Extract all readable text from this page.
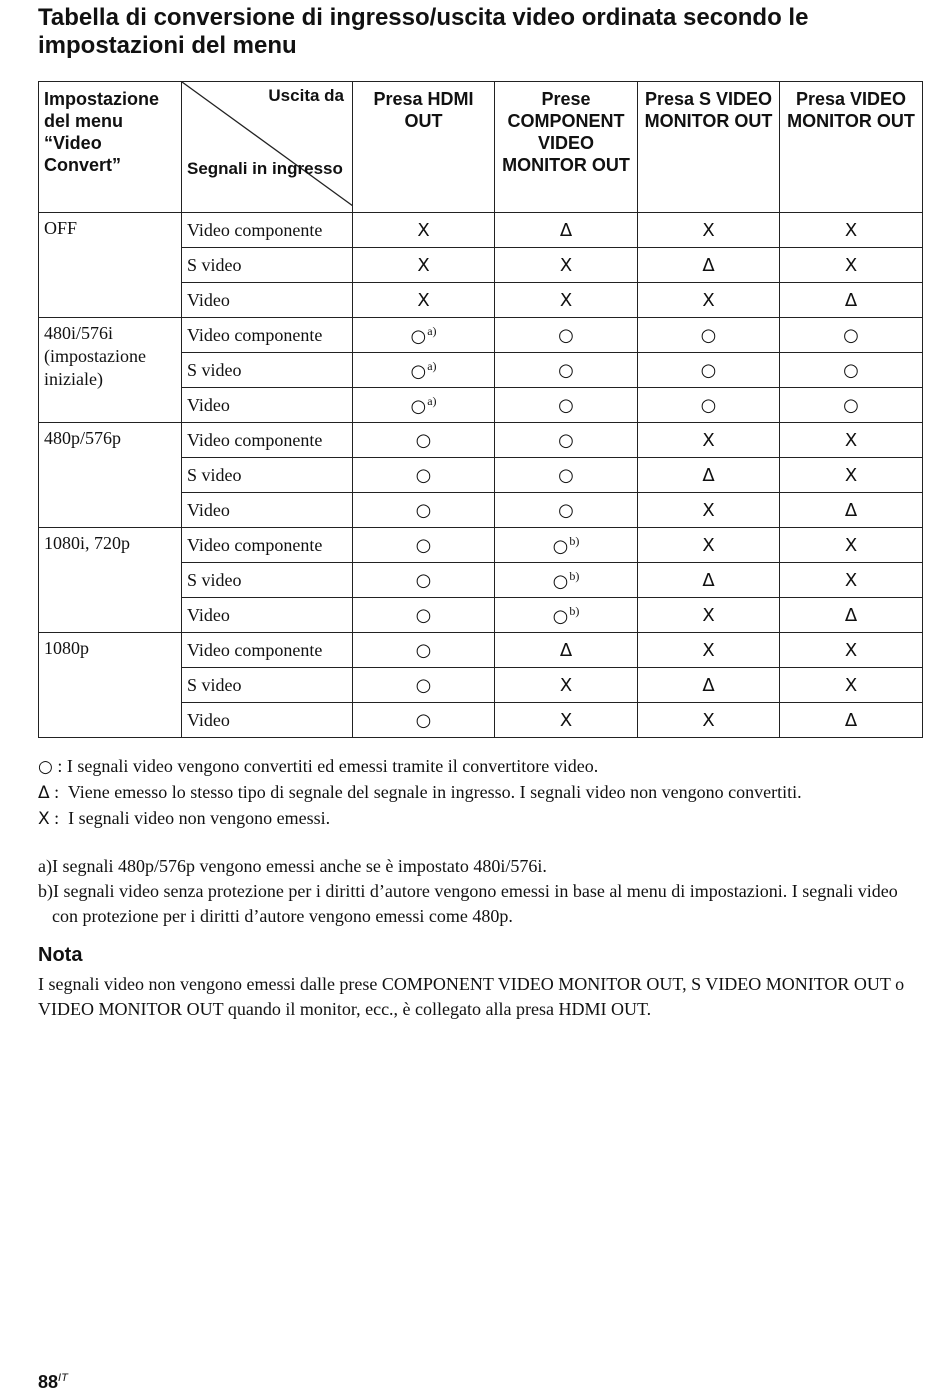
Tabella di conversione di ingresso/uscita video ordinata secondo le impostazioni del menu
Impostazione del menu “Video Convert”	Uscita da
Segnali in ingresso	Presa HDMI OUT	Prese COMPONENT VIDEO MONITOR OUT	Presa S VIDEO MONITOR OUT	Presa VIDEO MONITOR OUT
OFF	Video componente	X	Δ	X	X
	S video	X	X	Δ	X
	Video	X	X	X	Δ
480i/576i (impostazione iniziale)	Video componente	○$^{a)}$	○	○	○
	S video	○$^{a)}$	○	○	○
	Video	○$^{a)}$	○	○	○
480p/576p	Video componente	○	○	X	X
	S video	○	○	Δ	X
	Video	○	○	X	Δ
1080i, 720p	Video componente	○	○$^{b)}$	X	X
	S video	○	○$^{b)}$	Δ	X
	Video	○	○$^{b)}$	X	Δ
1080p	Video componente	○	Δ	X	X
	S video	○	X	Δ	X
	Video	○	X	X	Δ
○ : I segnali video vengono convertiti ed emessi tramite il convertitore video.
Δ :  Viene emesso lo stesso tipo di segnale del segnale in ingresso. I segnali video non vengono convertiti.
X :  I segnali video non vengono emessi.
a)I segnali 480p/576p vengono emessi anche se è impostato 480i/576i.
b)I segnali video senza protezione per i diritti d’autore vengono emessi in base al menu di impostazioni. I segnali video con protezione per i diritti d’autore vengono emessi come 480p.
Nota

I segnali video non vengono emessi dalle prese COMPONENT VIDEO MONITOR OUT, S VIDEO MONITOR OUT o VIDEO MONITOR OUT quando il monitor, ecc., è collegato alla presa HDMI OUT.

$88^{IT}$
